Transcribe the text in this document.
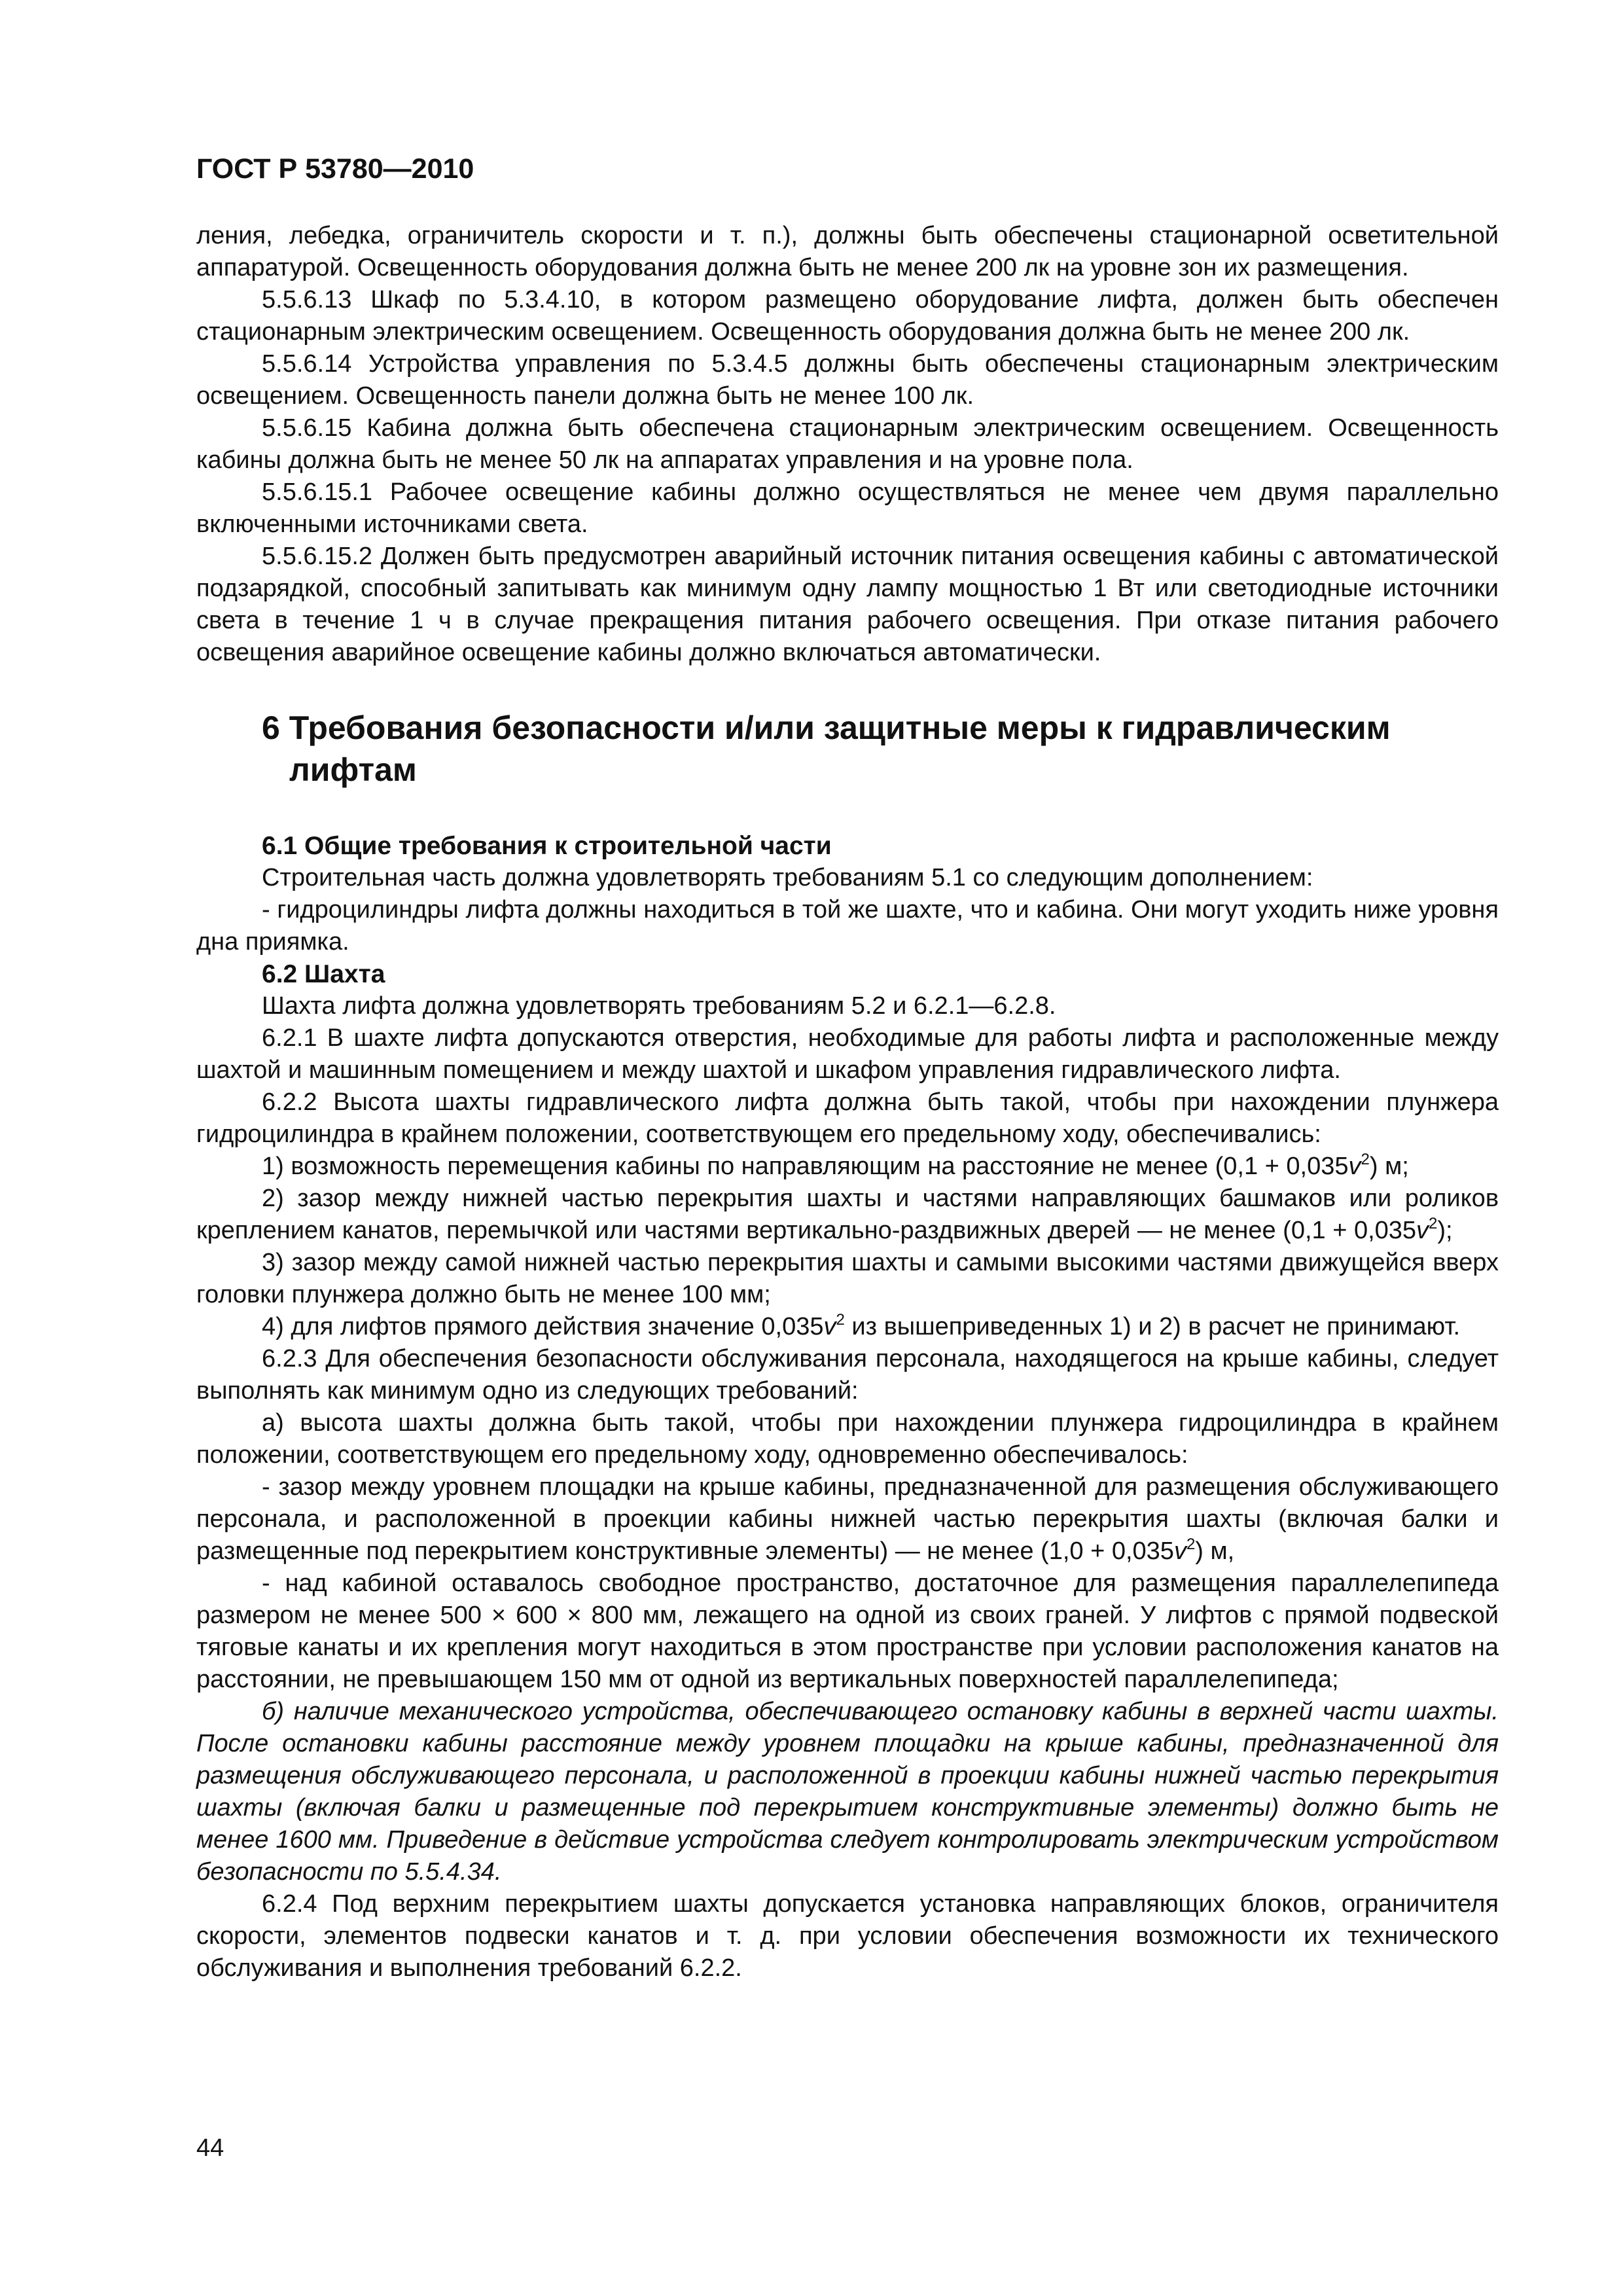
ГОСТ Р 53780—2010

ления, лебедка, ограничитель скорости и т. п.), должны быть обеспечены стационарной осветительной аппаратурой. Освещенность оборудования должна быть не менее 200 лк на уровне зон их размещения.

5.5.6.13 Шкаф по 5.3.4.10, в котором размещено оборудование лифта, должен быть обеспечен стационарным электрическим освещением. Освещенность оборудования должна быть не менее 200 лк.

5.5.6.14 Устройства управления по 5.3.4.5 должны быть обеспечены стационарным электрическим освещением. Освещенность панели должна быть не менее 100 лк.

5.5.6.15 Кабина должна быть обеспечена стационарным электрическим освещением. Освещенность кабины должна быть не менее 50 лк на аппаратах управления и на уровне пола.

5.5.6.15.1 Рабочее освещение кабины должно осуществляться не менее чем двумя параллельно включенными источниками света.

5.5.6.15.2 Должен быть предусмотрен аварийный источник питания освещения кабины с автоматической подзарядкой, способный запитывать как минимум одну лампу мощностью 1 Вт или светодиодные источники света в течение 1 ч в случае прекращения питания рабочего освещения. При отказе питания рабочего освещения аварийное освещение кабины должно включаться автоматически.

6 Требования безопасности и/или защитные меры к гидравлическим лифтам
6.1 Общие требования к строительной части

Строительная часть должна удовлетворять требованиям 5.1 со следующим дополнением:

- гидроцилиндры лифта должны находиться в той же шахте, что и кабина. Они могут уходить ниже уровня дна приямка.

6.2 Шахта

Шахта лифта должна удовлетворять требованиям 5.2 и 6.2.1—6.2.8.

6.2.1 В шахте лифта допускаются отверстия, необходимые для работы лифта и расположенные между шахтой и машинным помещением и между шахтой и шкафом управления гидравлического лифта.

6.2.2 Высота шахты гидравлического лифта должна быть такой, чтобы при нахождении плунжера гидроцилиндра в крайнем положении, соответствующем его предельному ходу, обеспечивались:

1) возможность перемещения кабины по направляющим на расстояние не менее $(0,1 + 0,035v^2)$ м;

2) зазор между нижней частью перекрытия шахты и частями направляющих башмаков или роликов креплением канатов, перемычкой или частями вертикально-раздвижных дверей — не менее $(0,1 + 0,035v^2)$;

3) зазор между самой нижней частью перекрытия шахты и самыми высокими частями движущейся вверх головки плунжера должно быть не менее 100 мм;

4) для лифтов прямого действия значение $0,035v^2$ из вышеприведенных 1) и 2) в расчет не принимают.

6.2.3 Для обеспечения безопасности обслуживания персонала, находящегося на крыше кабины, следует выполнять как минимум одно из следующих требований:

а) высота шахты должна быть такой, чтобы при нахождении плунжера гидроцилиндра в крайнем положении, соответствующем его предельному ходу, одновременно обеспечивалось:

- зазор между уровнем площадки на крыше кабины, предназначенной для размещения обслуживающего персонала, и расположенной в проекции кабины нижней частью перекрытия шахты (включая балки и размещенные под перекрытием конструктивные элементы) — не менее $(1,0 + 0,035v^2)$ м,

- над кабиной оставалось свободное пространство, достаточное для размещения параллелепипеда размером не менее 500 × 600 × 800 мм, лежащего на одной из своих граней. У лифтов с прямой подвеской тяговые канаты и их крепления могут находиться в этом пространстве при условии расположения канатов на расстоянии, не превышающем 150 мм от одной из вертикальных поверхностей параллелепипеда;

б) наличие механического устройства, обеспечивающего остановку кабины в верхней части шахты. После остановки кабины расстояние между уровнем площадки на крыше кабины, предназначенной для размещения обслуживающего персонала, и расположенной в проекции кабины нижней частью перекрытия шахты (включая балки и размещенные под перекрытием конструктивные элементы) должно быть не менее 1600 мм. Приведение в действие устройства следует контролировать электрическим устройством безопасности по 5.5.4.34.

6.2.4 Под верхним перекрытием шахты допускается установка направляющих блоков, ограничителя скорости, элементов подвески канатов и т. д. при условии обеспечения возможности их технического обслуживания и выполнения требований 6.2.2.

44
